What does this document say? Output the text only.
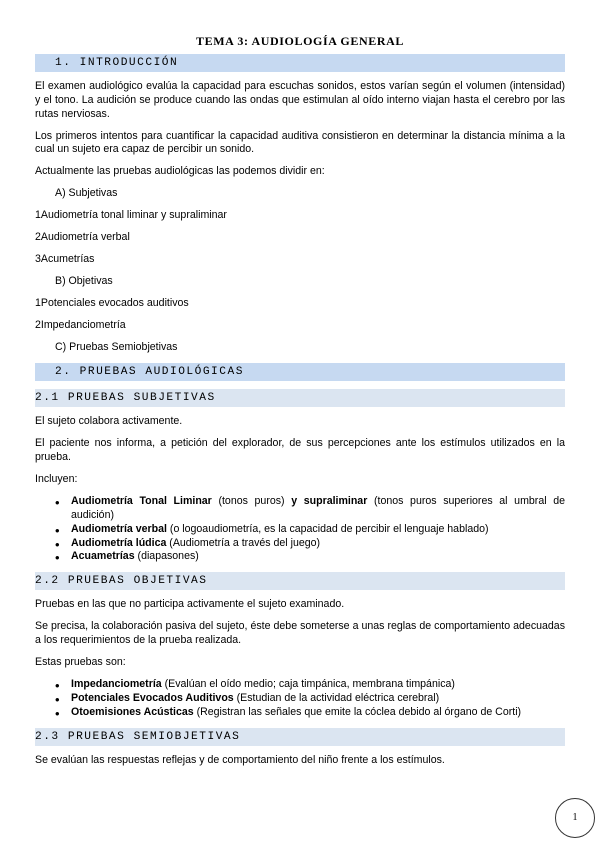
TEMA 3: AUDIOLOGÍA GENERAL
1. INTRODUCCIÓN

El examen audiológico evalúa la capacidad para escuchas sonidos, estos varían según el volumen (intensidad) y el tono. La audición se produce cuando las ondas que estimulan al oído interno viajan hasta el cerebro por las rutas nerviosas.

Los primeros intentos para cuantificar la capacidad auditiva consistieron en determinar la distancia mínima a la cual un sujeto era capaz de percibir un sonido.

Actualmente las pruebas audiológicas las podemos dividir en:

A) Subjetivas

1Audiometría tonal liminar y supraliminar

2Audiometría verbal

3Acumetrías

B) Objetivas

1Potenciales evocados auditivos

2Impedanciometría

C) Pruebas Semiobjetivas

2. PRUEBAS AUDIOLÓGICAS
2.1 PRUEBAS SUBJETIVAS

El sujeto colabora activamente.

El paciente nos informa, a petición del explorador, de sus percepciones ante los estímulos utilizados en la prueba.

Incluyen:

• Audiometría Tonal Liminar (tonos puros) y supraliminar (tonos puros superiores al umbral de audición)
• Audiometría verbal (o logoaudiometría, es la capacidad de percibir el lenguaje hablado)
• Audiometría lúdica (Audiometría a través del juego)
• Acuametrías (diapasones)
2.2 PRUEBAS OBJETIVAS

Pruebas en las que no participa activamente el sujeto examinado.

Se precisa, la colaboración pasiva del sujeto, éste debe someterse a unas reglas de comportamiento adecuadas a los requerimientos de la prueba realizada.

Estas pruebas son:

• Impedanciometría (Evalúan el oído medio; caja timpánica, membrana timpánica)
• Potenciales Evocados Auditivos (Estudian de la actividad eléctrica cerebral)
• Otoemisiones Acústicas (Registran las señales que emite la cóclea debido al órgano de Corti)
2.3 PRUEBAS SEMIOBJETIVAS

Se evalúan las respuestas reflejas y de comportamiento del niño frente a los estímulos.

1
